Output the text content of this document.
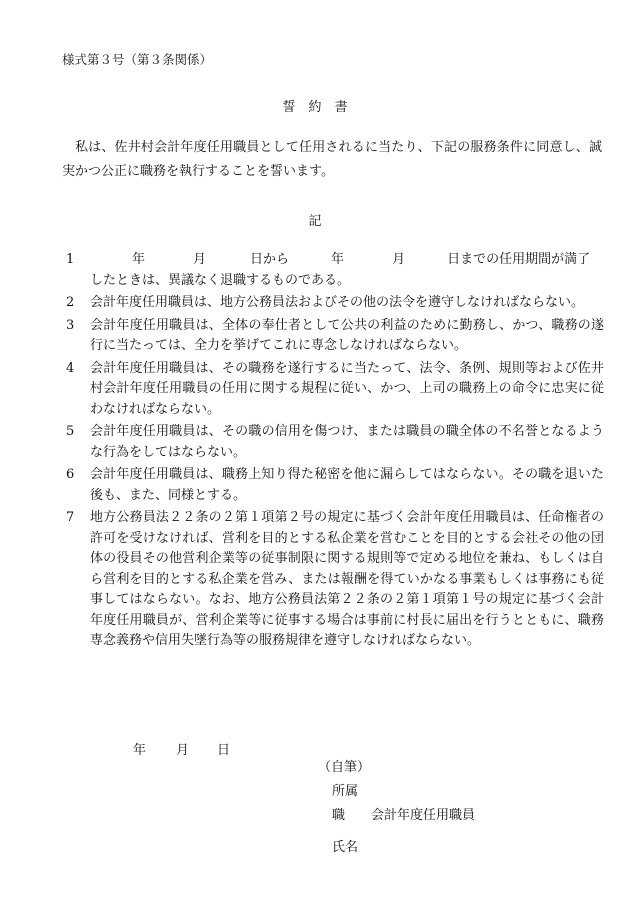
様式第３号（第３条関係）
誓　約　書
私は、佐井村会計年度任用職員として任用されるに当たり、下記の服務条件に同意し、誠実かつ公正に職務を執行することを誓います。
記
1	年	月	日から	年	月	日までの任用期間が満了
したときは、異議なく退職するものである。
2	会計年度任用職員は、地方公務員法およびその他の法令を遵守しなければならない。
3	会計年度任用職員は、全体の奉仕者として公共の利益のために勤務し、かつ、職務の遂行に当たっては、全力を挙げてこれに専念しなければならない。
4	会計年度任用職員は、その職務を遂行するに当たって、法令、条例、規則等および佐井村会計年度任用職員の任用に関する規程に従い、かつ、上司の職務上の命令に忠実に従わなければならない。
5	会計年度任用職員は、その職の信用を傷つけ、または職員の職全体の不名誉となるような行為をしてはならない。
6	会計年度任用職員は、職務上知り得た秘密を他に漏らしてはならない。その職を退いた後も、また、同様とする。
7	地方公務員法２２条の２第１項第２号の規定に基づく会計年度任用職員は、任命権者の許可を受けなければ、営利を目的とする私企業を営むことを目的とする会社その他の団体の役員その他営利企業等の従事制限に関する規則等で定める地位を兼ね、もしくは自ら営利を目的とする私企業を営み、または報酬を得ていかなる事業もしくは事務にも従事してはならない。なお、地方公務員法第２２条の２第１項第１号の規定に基づく会計年度任用職員が、営利企業等に従事する場合は事前に村長に届出を行うとともに、職務専念義務や信用失墜行為等の服務規律を遵守しなければならない。
年 月 日
（自筆）
所属
職 会計年度任用職員
氏名
